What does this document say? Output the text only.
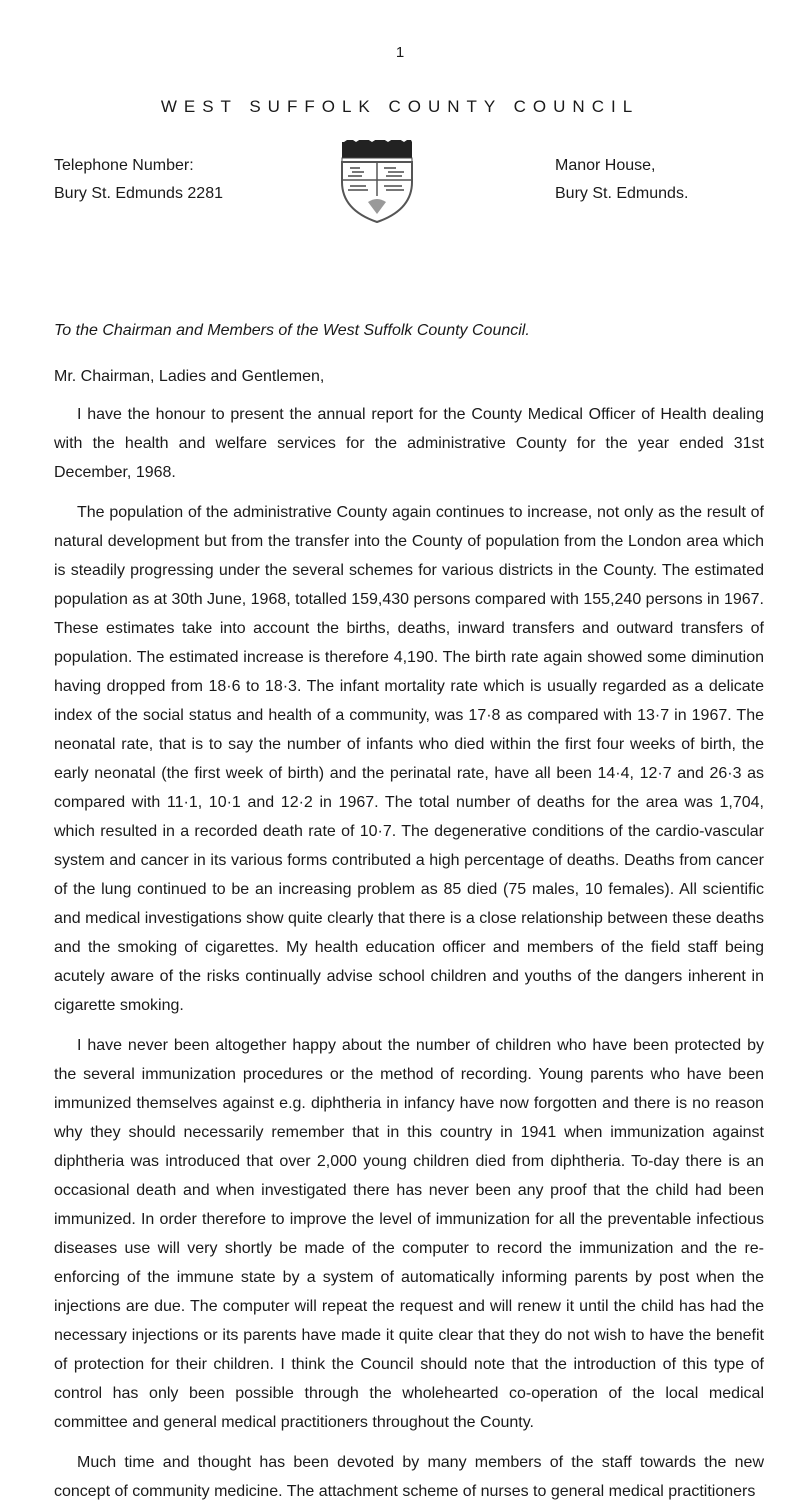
1
WEST SUFFOLK COUNTY COUNCIL
Telephone Number:
Bury St. Edmunds 2281
Manor House,
Bury St. Edmunds.
To the Chairman and Members of the West Suffolk County Council.
Mr. Chairman, Ladies and Gentlemen,

I have the honour to present the annual report for the County Medical Officer of Health dealing with the health and welfare services for the administrative County for the year ended 31st December, 1968.

The population of the administrative County again continues to increase, not only as the result of natural development but from the transfer into the County of population from the London area which is steadily progressing under the several schemes for various districts in the County. The estimated population as at 30th June, 1968, totalled 159,430 persons compared with 155,240 persons in 1967. These estimates take into account the births, deaths, inward transfers and outward transfers of population. The estimated increase is therefore 4,190. The birth rate again showed some diminution having dropped from 18·6 to 18·3. The infant mortality rate which is usually regarded as a delicate index of the social status and health of a community, was 17·8 as compared with 13·7 in 1967. The neonatal rate, that is to say the number of infants who died within the first four weeks of birth, the early neonatal (the first week of birth) and the perinatal rate, have all been 14·4, 12·7 and 26·3 as compared with 11·1, 10·1 and 12·2 in 1967. The total number of deaths for the area was 1,704, which resulted in a recorded death rate of 10·7. The degenerative conditions of the cardio-vascular system and cancer in its various forms contributed a high percentage of deaths. Deaths from cancer of the lung continued to be an increasing problem as 85 died (75 males, 10 females). All scientific and medical investigations show quite clearly that there is a close relationship between these deaths and the smoking of cigarettes. My health education officer and members of the field staff being acutely aware of the risks continually advise school children and youths of the dangers inherent in cigarette smoking.

I have never been altogether happy about the number of children who have been protected by the several immunization procedures or the method of recording. Young parents who have been immunized themselves against e.g. diphtheria in infancy have now forgotten and there is no reason why they should necessarily remember that in this country in 1941 when immunization against diphtheria was introduced that over 2,000 young children died from diphtheria. To-day there is an occasional death and when investigated there has never been any proof that the child had been immunized. In order therefore to improve the level of immunization for all the preventable infectious diseases use will very shortly be made of the computer to record the immunization and the re-enforcing of the immune state by a system of automatically informing parents by post when the injections are due. The computer will repeat the request and will renew it until the child has had the necessary injections or its parents have made it quite clear that they do not wish to have the benefit of protection for their children. I think the Council should note that the introduction of this type of control has only been possible through the wholehearted co-operation of the local medical committee and general medical practitioners throughout the County.

Much time and thought has been devoted by many members of the staff towards the new concept of community medicine. The attachment scheme of nurses to general medical practitioners
